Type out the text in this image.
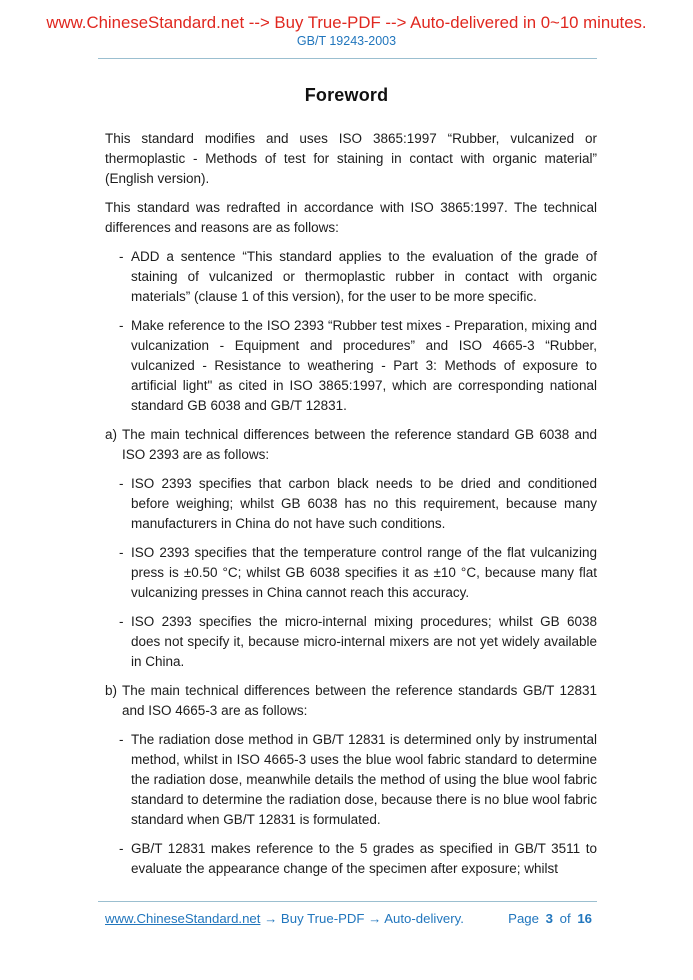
www.ChineseStandard.net --> Buy True-PDF --> Auto-delivered in 0~10 minutes.
GB/T 19243-2003
Foreword

This standard modifies and uses ISO 3865:1997 “Rubber, vulcanized or thermoplastic - Methods of test for staining in contact with organic material” (English version).

This standard was redrafted in accordance with ISO 3865:1997. The technical differences and reasons are as follows:

- ADD a sentence “This standard applies to the evaluation of the grade of staining of vulcanized or thermoplastic rubber in contact with organic materials” (clause 1 of this version), for the user to be more specific.
- Make reference to the ISO 2393 “Rubber test mixes - Preparation, mixing and vulcanization - Equipment and procedures” and ISO 4665-3 “Rubber, vulcanized - Resistance to weathering - Part 3: Methods of exposure to artificial light" as cited in ISO 3865:1997, which are corresponding national standard GB 6038 and GB/T 12831.
a) The main technical differences between the reference standard GB 6038 and ISO 2393 are as follows:
- ISO 2393 specifies that carbon black needs to be dried and conditioned before weighing; whilst GB 6038 has no this requirement, because many manufacturers in China do not have such conditions.
- ISO 2393 specifies that the temperature control range of the flat vulcanizing press is ±0.50 °C; whilst GB 6038 specifies it as ±10 °C, because many flat vulcanizing presses in China cannot reach this accuracy.
- ISO 2393 specifies the micro-internal mixing procedures; whilst GB 6038 does not specify it, because micro-internal mixers are not yet widely available in China.
b) The main technical differences between the reference standards GB/T 12831 and ISO 4665-3 are as follows:
- The radiation dose method in GB/T 12831 is determined only by instrumental method, whilst in ISO 4665-3 uses the blue wool fabric standard to determine the radiation dose, meanwhile details the method of using the blue wool fabric standard to determine the radiation dose, because there is no blue wool fabric standard when GB/T 12831 is formulated.
- GB/T 12831 makes reference to the 5 grades as specified in GB/T 3511 to evaluate the appearance change of the specimen after exposure; whilst
www.ChineseStandard.net → Buy True-PDF → Auto-delivery.	Page 3 of 16
